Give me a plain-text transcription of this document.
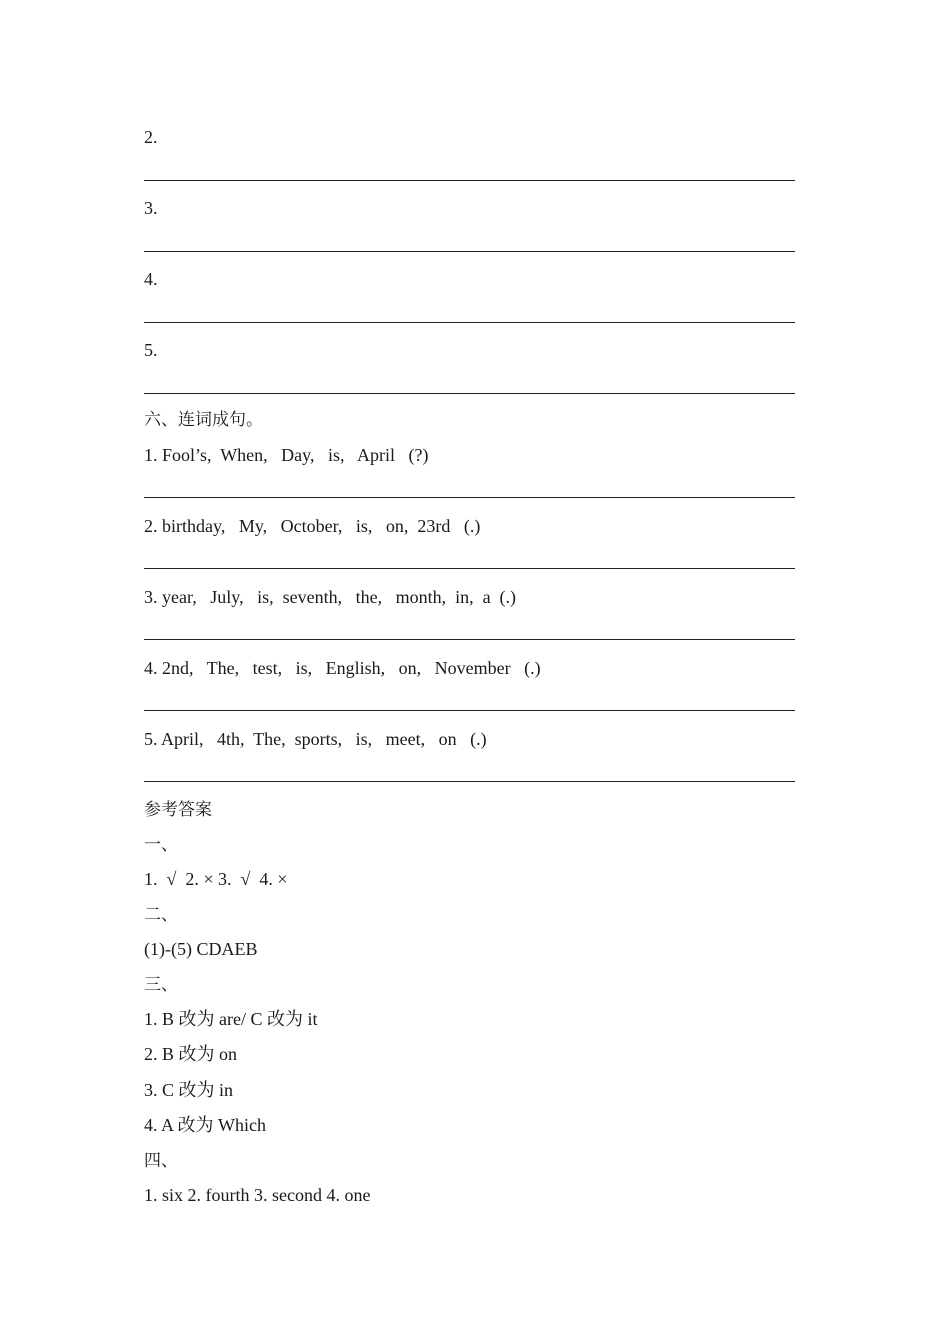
2.
3.
4.
5.
六、连词成句。
1. Fool’s,  When,   Day,   is,   April   (?)
2. birthday,   My,   October,   is,   on,  23rd   (.)
3. year,   July,   is,  seventh,   the,   month,  in,  a  (.)
4. 2nd,   The,   test,   is,   English,   on,   November   (.)
5. April,   4th,  The,  sports,   is,   meet,   on   (.)
参考答案
一、
1.  √  2. × 3.  √  4. ×
二、
(1)-(5) CDAEB
三、
1. B 改为 are/ C 改为 it
2. B 改为 on
3. C 改为 in
4. A 改为 Which
四、
1. six 2. fourth 3. second 4. one
